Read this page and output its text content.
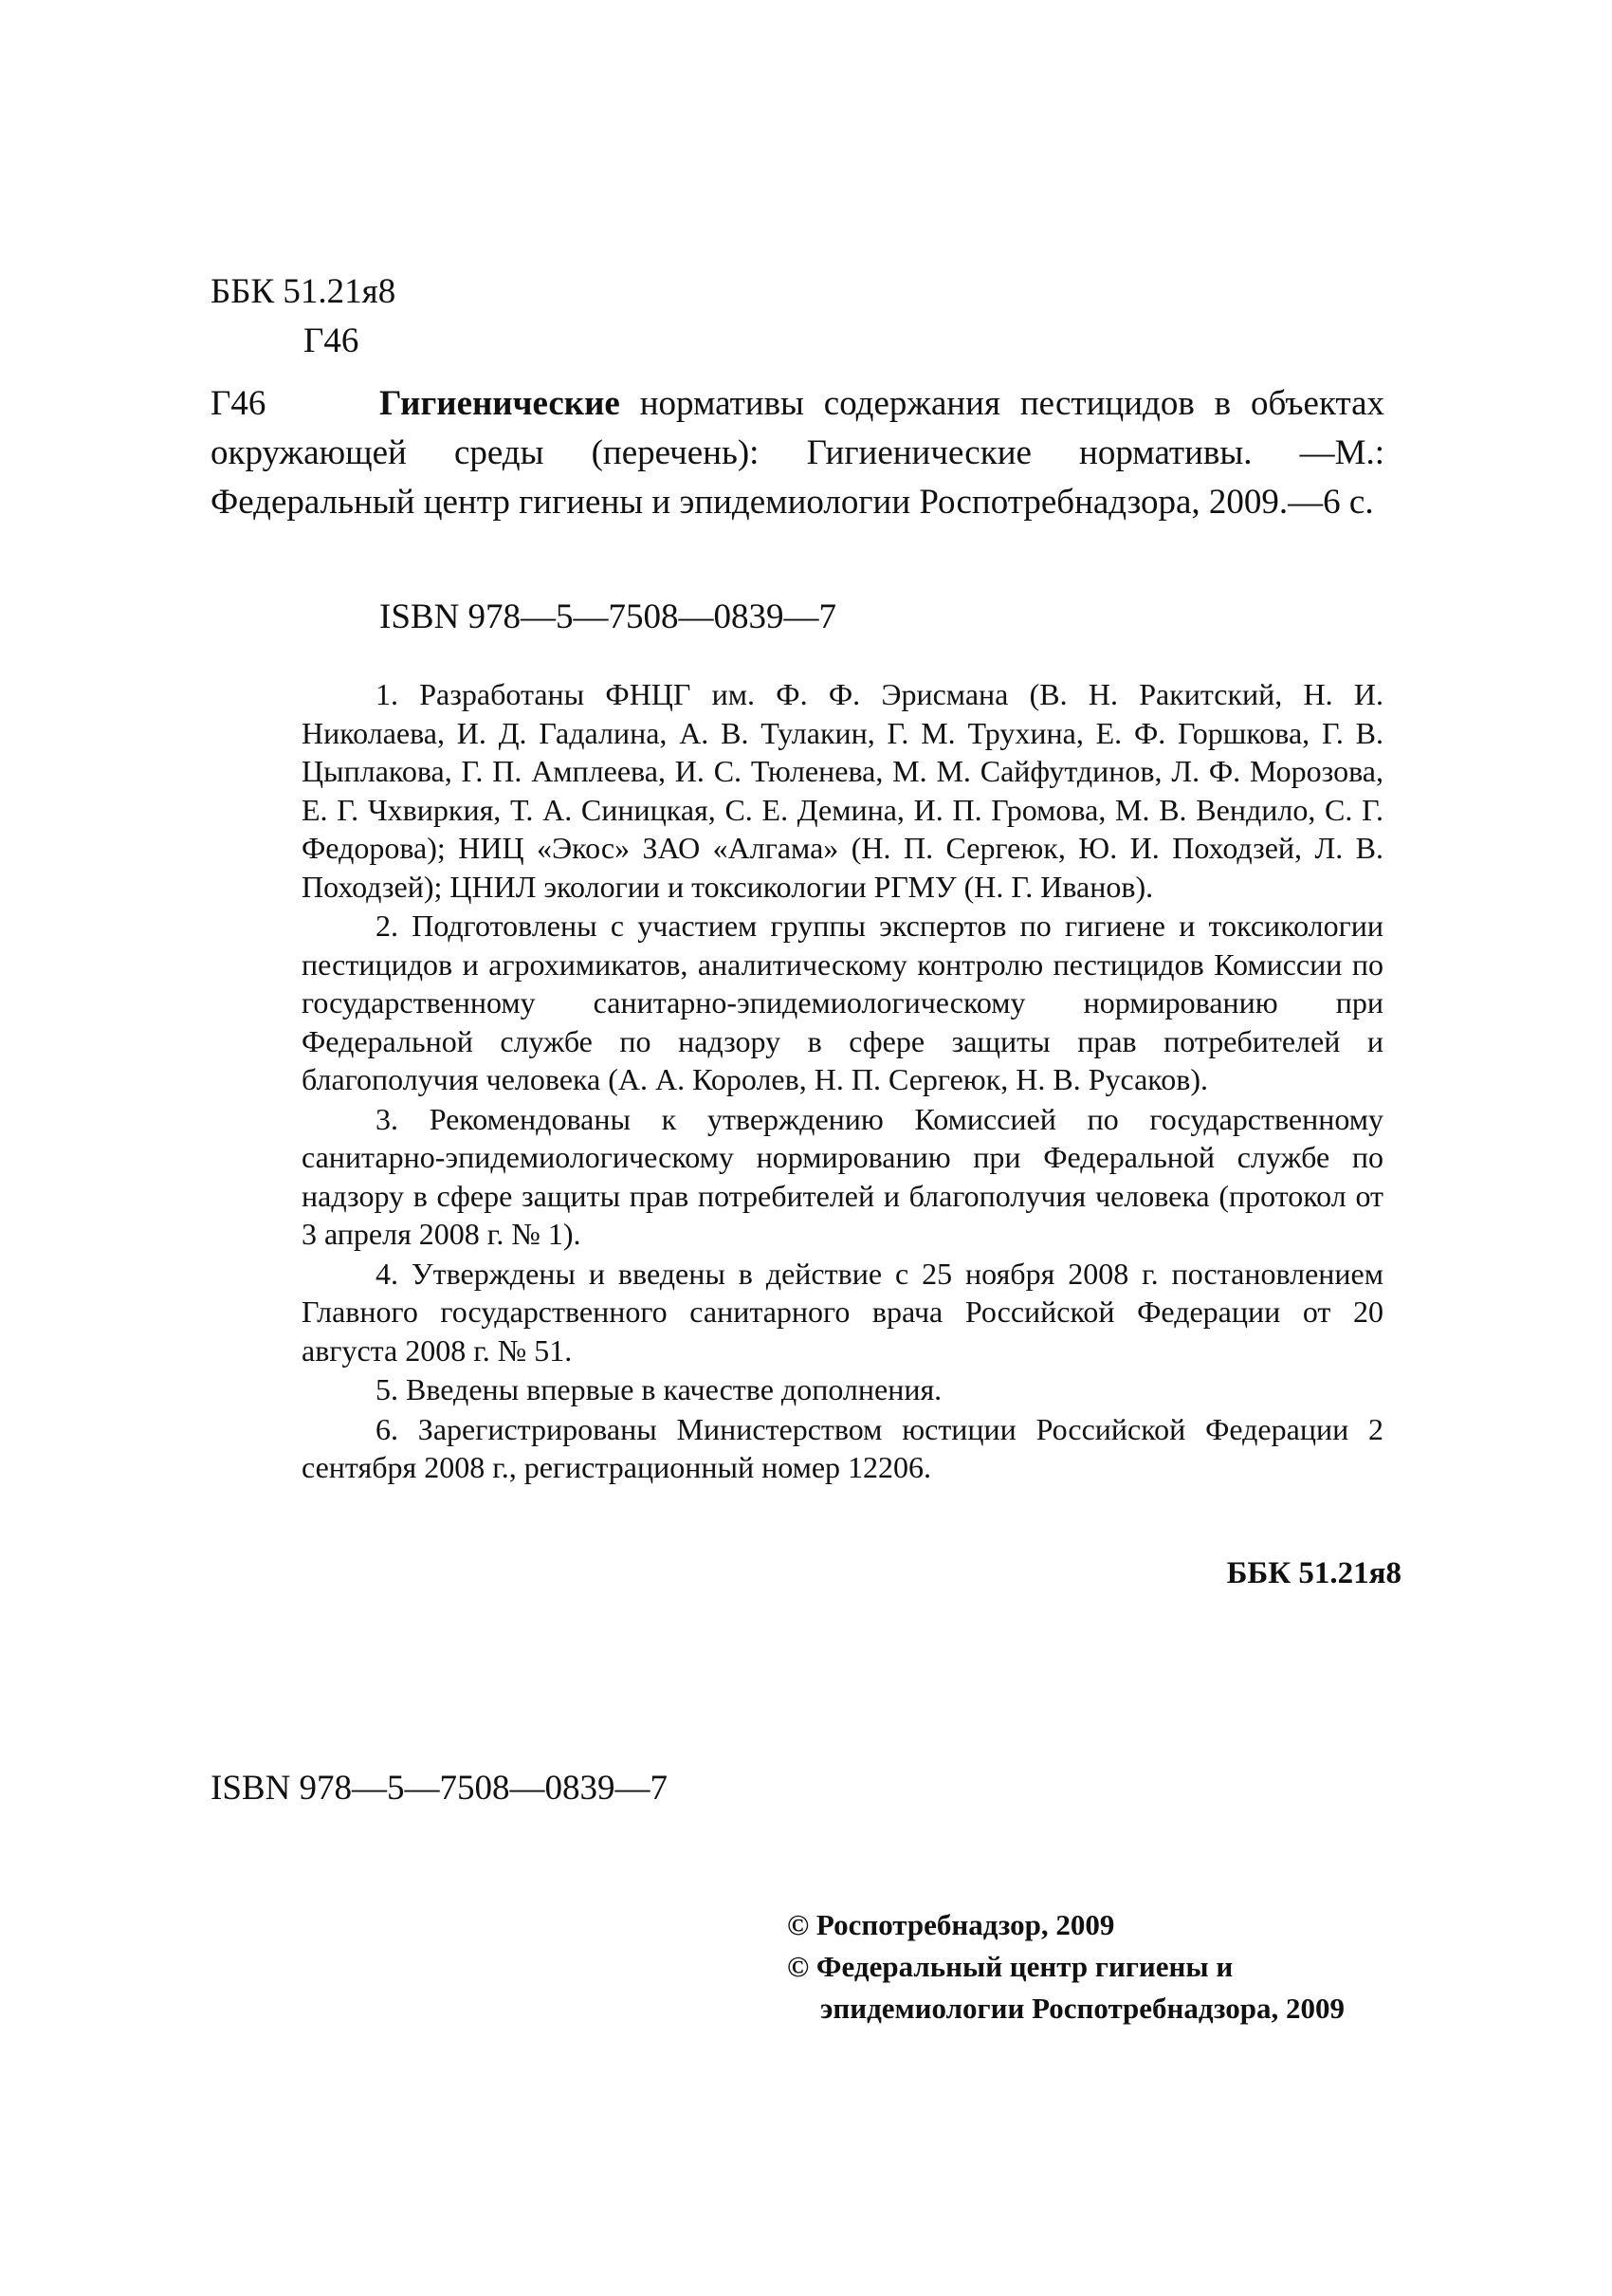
ББК 51.21я8
Г46
Г46	Гигиенические нормативы содержания пестицидов в объектах окружающей среды (перечень): Гигиенические нормативы. —М.: Федеральный центр гигиены и эпидемиологии Роспотребнадзора, 2009.—6 с.
ISBN 978—5—7508—0839—7

1. Разработаны ФНЦГ им. Ф. Ф. Эрисмана (В. Н. Ракитский, Н. И. Николаева, И. Д. Гадалина, А. В. Тулакин, Г. М. Трухина, Е. Ф. Горшкова, Г. В. Цыплакова, Г. П. Амплеева, И. С. Тюленева, М. М. Сайфутдинов, Л. Ф. Морозова, Е. Г. Чхвиркия, Т. А. Синицкая, С. Е. Демина, И. П. Громова, М. В. Вендило, С. Г. Федорова); НИЦ «Экос» ЗАО «Алгама» (Н. П. Сергеюк, Ю. И. Походзей, Л. В. Походзей); ЦНИЛ экологии и токсикологии РГМУ (Н. Г. Иванов).

2. Подготовлены с участием группы экспертов по гигиене и токсикологии пестицидов и агрохимикатов, аналитическому контролю пестицидов Комиссии по государственному санитарно-эпидемиологическому нормированию при Федеральной службе по надзору в сфере защиты прав потребителей и благополучия человека (А. А. Королев, Н. П. Сергеюк, Н. В. Русаков).

3. Рекомендованы к утверждению Комиссией по государственному санитарно-эпидемиологическому нормированию при Федеральной службе по надзору в сфере защиты прав потребителей и благополучия человека (протокол от 3 апреля 2008 г. № 1).

4. Утверждены и введены в действие с 25 ноября 2008 г. постановлением Главного государственного санитарного врача Российской Федерации от 20 августа 2008 г. № 51.

5. Введены впервые в качестве дополнения.

6. Зарегистрированы Министерством юстиции Российской Федерации 2 сентября 2008 г., регистрационный номер 12206.

ББК 51.21я8
ISBN 978—5—7508—0839—7
© Роспотребнадзор, 2009
© Федеральный центр гигиены и
эпидемиологии Роспотребнадзора, 2009
